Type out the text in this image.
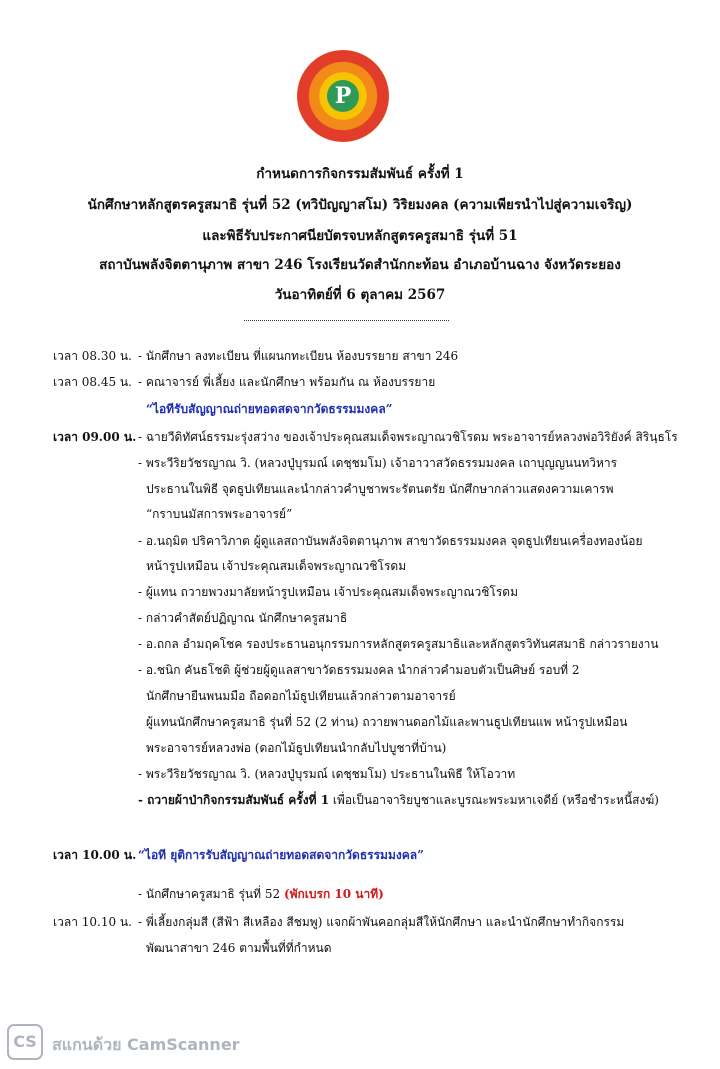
P
กำหนดการกิจกรรมสัมพันธ์ ครั้งที่ 1
นักศึกษาหลักสูตรครูสมาธิ รุ่นที่ 52 (ทวิปัญญาสโม) วิริยมงคล (ความเพียรนำไปสู่ความเจริญ)
และพิธีรับประกาศนียบัตรจบหลักสูตรครูสมาธิ รุ่นที่ 51
สถาบันพลังจิตตานุภาพ สาขา 246 โรงเรียนวัดสำนักกะท้อน อำเภอบ้านฉาง จังหวัดระยอง
วันอาทิตย์ที่ 6 ตุลาคม 2567
เวลา 08.30 น. - นักศึกษา ลงทะเบียน ที่แผนกทะเบียน ห้องบรรยาย สาขา 246
เวลา 08.45 น. - คณาจารย์ พี่เลี้ยง และนักศึกษา พร้อมกัน ณ ห้องบรรยาย
“ไอทีรับสัญญาณถ่ายทอดสดจากวัดธรรมมงคล”
เวลา 09.00 น. - ฉายวีดิทัศน์ธรรมะรุ่งสว่าง ของเจ้าประคุณสมเด็จพระญาณวชิโรดม พระอาจารย์หลวงพ่อวิริยังค์ สิรินฺธโร
- พระวีริยวัชรญาณ วิ. (หลวงปู่บุรมณ์ เดชฺชมโม) เจ้าอาวาสวัดธรรมมงคล เถาบุญญนนทวิหาร
ประธานในพิธี จุดธูปเทียนและนำกล่าวคำบูชาพระรัตนตรัย นักศึกษากล่าวแสดงความเคารพ
“กราบนมัสการพระอาจารย์”
- อ.นฤมิต ปริคาวิภาต ผู้ดูแลสถาบันพลังจิตตานุภาพ สาขาวัดธรรมมงคล จุดธูปเทียนเครื่องทองน้อย
หน้ารูปเหมือน เจ้าประคุณสมเด็จพระญาณวชิโรดม
- ผู้แทน ถวายพวงมาลัยหน้ารูปเหมือน เจ้าประคุณสมเด็จพระญาณวชิโรดม
- กล่าวคำสัตย์ปฏิญาณ นักศึกษาครูสมาธิ
- อ.ถกล อำมฤคโชค รองประธานอนุกรรมการหลักสูตรครูสมาธิและหลักสูตรวิทันศสมาธิ กล่าวรายงาน
- อ.ชนิก คันธโชติ ผู้ช่วยผู้ดูแลสาขาวัดธรรมมงคล นำกล่าวคำมอบตัวเป็นศิษย์ รอบที่ 2
นักศึกษายืนพนมมือ ถือดอกไม้ธูปเทียนแล้วกล่าวตามอาจารย์
ผู้แทนนักศึกษาครูสมาธิ รุ่นที่ 52 (2 ท่าน) ถวายพานดอกไม้และพานธูปเทียนแพ หน้ารูปเหมือน
พระอาจารย์หลวงพ่อ (ดอกไม้ธูปเทียนนำกลับไปบูชาที่บ้าน)
- พระวีริยวัชรญาณ วิ. (หลวงปู่บุรมณ์ เดชฺชมโม) ประธานในพิธี ให้โอวาท
- ถวายผ้าป่ากิจกรรมสัมพันธ์ ครั้งที่ 1 เพื่อเป็นอาจาริยบูชาและบูรณะพระมหาเจดีย์ (หรือชำระหนี้สงฆ์)
เวลา 10.00 น. “ไอที ยุติการรับสัญญาณถ่ายทอดสดจากวัดธรรมมงคล”
- นักศึกษาครูสมาธิ รุ่นที่ 52 (พักเบรก 10 นาที)
เวลา 10.10 น. - พี่เลี้ยงกลุ่มสี (สีฟ้า สีเหลือง สีชมพู) แจกผ้าพันคอกลุ่มสีให้นักศึกษา และนำนักศึกษาทำกิจกรรม
พัฒนาสาขา 246 ตามพื้นที่ที่กำหนด
CS สแกนด้วย CamScanner
